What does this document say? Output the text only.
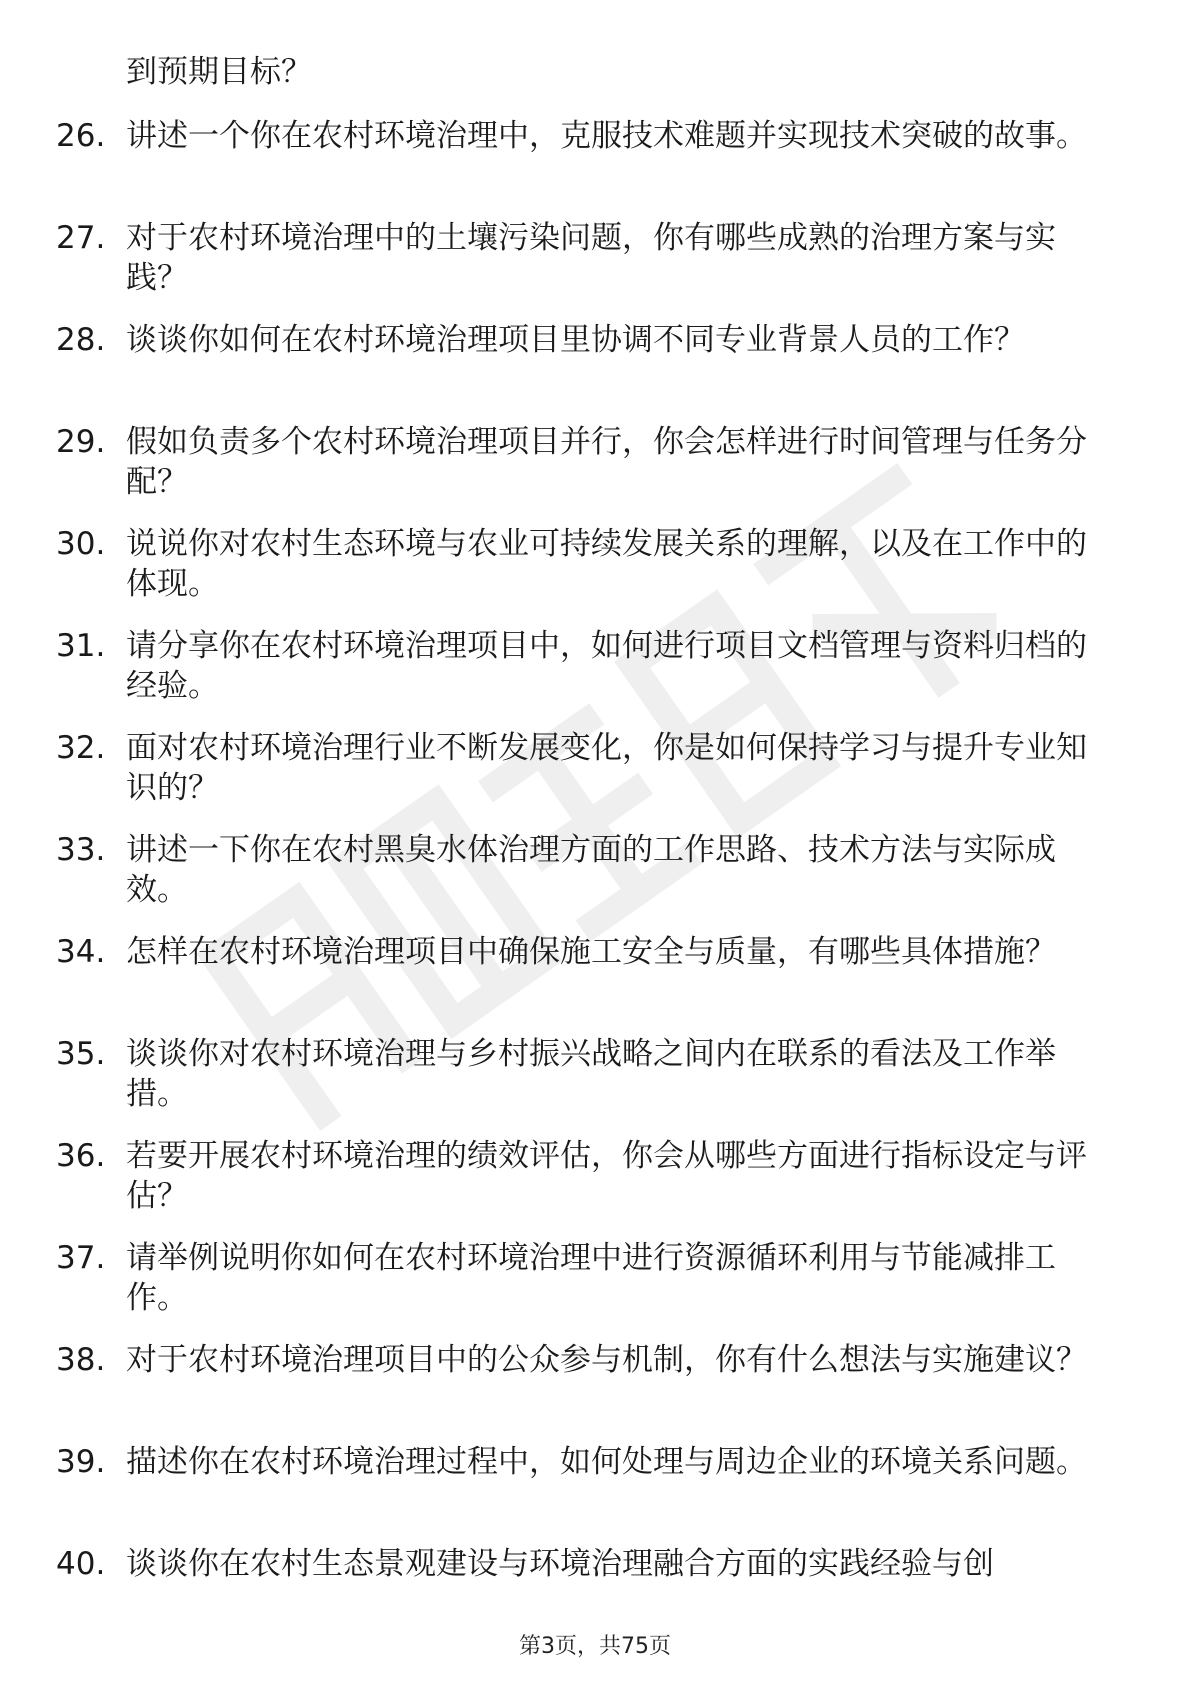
到预期目标？
26. 讲述一个你在农村环境治理中，克服技术难题并实现技术突破的故事。
27. 对于农村环境治理中的土壤污染问题，你有哪些成熟的治理方案与实践？
28. 谈谈你如何在农村环境治理项目里协调不同专业背景人员的工作？
29. 假如负责多个农村环境治理项目并行，你会怎样进行时间管理与任务分配？
30. 说说你对农村生态环境与农业可持续发展关系的理解，以及在工作中的体现。
31. 请分享你在农村环境治理项目中，如何进行项目文档管理与资料归档的经验。
32. 面对农村环境治理行业不断发展变化，你是如何保持学习与提升专业知识的？
33. 讲述一下你在农村黑臭水体治理方面的工作思路、技术方法与实际成效。
34. 怎样在农村环境治理项目中确保施工安全与质量，有哪些具体措施？
35. 谈谈你对农村环境治理与乡村振兴战略之间内在联系的看法及工作举措。
36. 若要开展农村环境治理的绩效评估，你会从哪些方面进行指标设定与评估？
37. 请举例说明你如何在农村环境治理中进行资源循环利用与节能减排工作。
38. 对于农村环境治理项目中的公众参与机制，你有什么想法与实施建议？
39. 描述你在农村环境治理过程中，如何处理与周边企业的环境关系问题。
40. 谈谈你在农村生态景观建设与环境治理融合方面的实践经验与创
第3页，共75页
